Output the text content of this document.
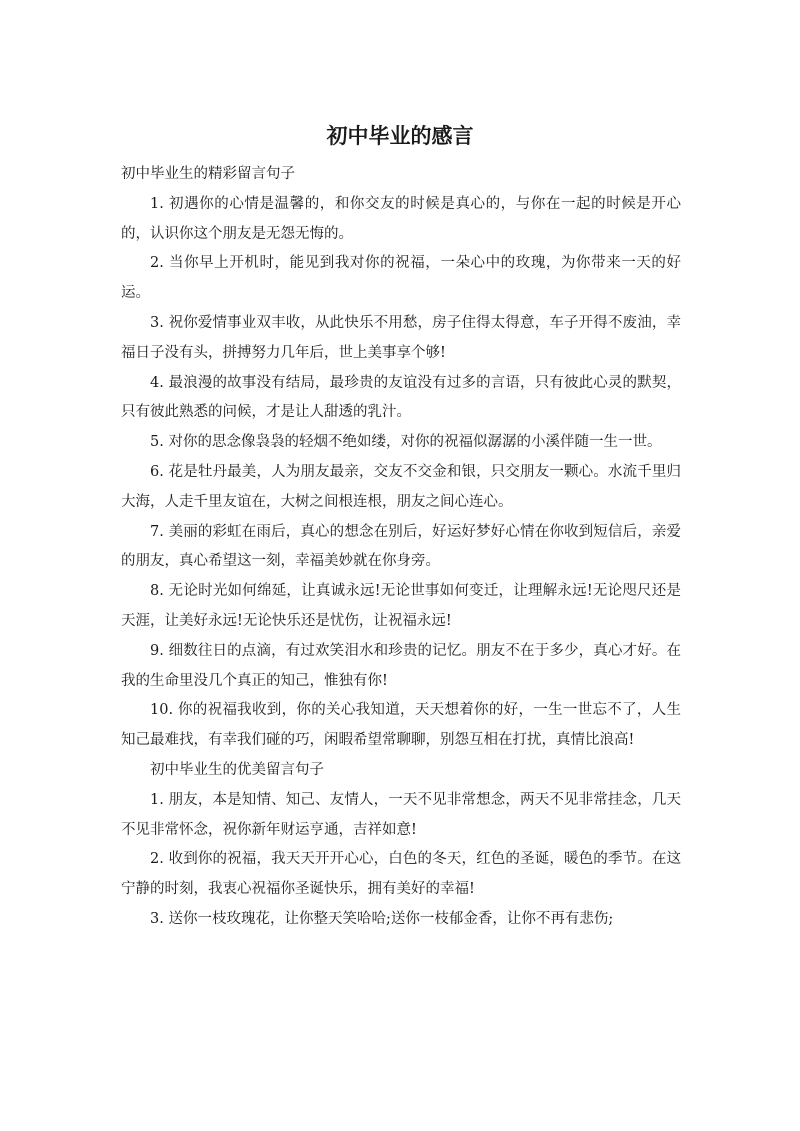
初中毕业的感言

初中毕业生的精彩留言句子

1. 初遇你的心情是温馨的，和你交友的时候是真心的，与你在一起的时候是开心的，认识你这个朋友是无怨无悔的。

2. 当你早上开机时，能见到我对你的祝福，一朵心中的玫瑰，为你带来一天的好运。

3. 祝你爱情事业双丰收，从此快乐不用愁，房子住得太得意，车子开得不废油，幸福日子没有头，拼搏努力几年后，世上美事享个够!

4. 最浪漫的故事没有结局，最珍贵的友谊没有过多的言语，只有彼此心灵的默契，只有彼此熟悉的问候，才是让人甜透的乳汁。

5. 对你的思念像袅袅的轻烟不绝如缕，对你的祝福似潺潺的小溪伴随一生一世。

6. 花是牡丹最美，人为朋友最亲，交友不交金和银，只交朋友一颗心。水流千里归大海，人走千里友谊在，大树之间根连根，朋友之间心连心。

7. 美丽的彩虹在雨后，真心的想念在别后，好运好梦好心情在你收到短信后，亲爱的朋友，真心希望这一刻，幸福美妙就在你身旁。

8. 无论时光如何绵延，让真诚永远!无论世事如何变迁，让理解永远!无论咫尺还是天涯，让美好永远!无论快乐还是忧伤，让祝福永远!

9. 细数往日的点滴，有过欢笑泪水和珍贵的记忆。朋友不在于多少，真心才好。在我的生命里没几个真正的知己，惟独有你!

10. 你的祝福我收到，你的关心我知道，天天想着你的好，一生一世忘不了，人生知己最难找，有幸我们碰的巧，闲暇希望常聊聊，别怨互相在打扰，真情比浪高!

初中毕业生的优美留言句子

1. 朋友，本是知情、知己、友情人，一天不见非常想念，两天不见非常挂念，几天不见非常怀念，祝你新年财运亨通，吉祥如意!

2. 收到你的祝福，我天天开开心心，白色的冬天，红色的圣诞，暖色的季节。在这宁静的时刻，我衷心祝福你圣诞快乐，拥有美好的幸福!

3. 送你一枝玫瑰花，让你整天笑哈哈;送你一枝郁金香，让你不再有悲伤;
